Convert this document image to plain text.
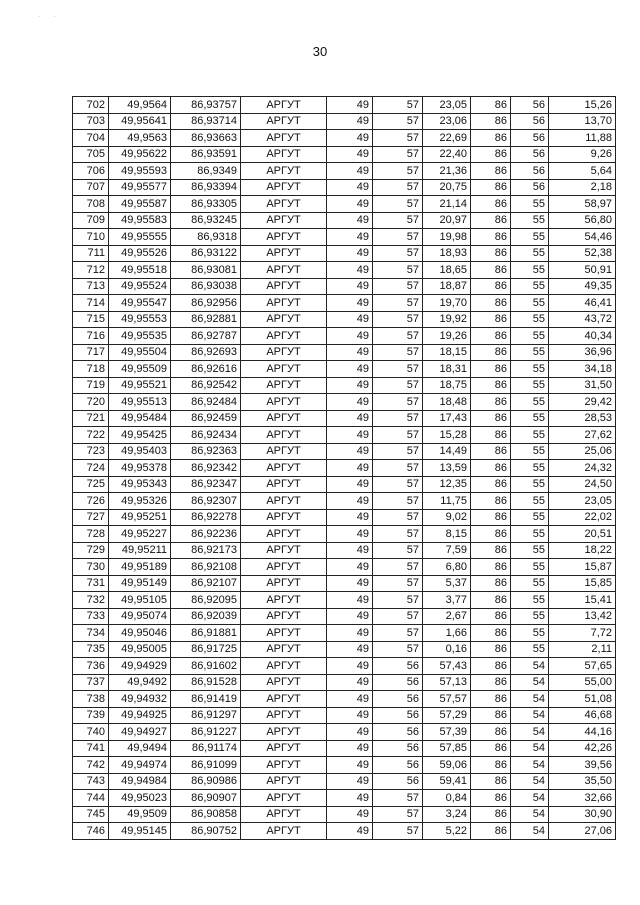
·        ·
30
702	49,9564	86,93757	АРГУТ	49	57	23,05	86	56	15,26
703	49,95641	86,93714	АРГУТ	49	57	23,06	86	56	13,70
704	49,9563	86,93663	АРГУТ	49	57	22,69	86	56	11,88
705	49,95622	86,93591	АРГУТ	49	57	22,40	86	56	9,26
706	49,95593	86,9349	АРГУТ	49	57	21,36	86	56	5,64
707	49,95577	86,93394	АРГУТ	49	57	20,75	86	56	2,18
708	49,95587	86,93305	АРГУТ	49	57	21,14	86	55	58,97
709	49,95583	86,93245	АРГУТ	49	57	20,97	86	55	56,80
710	49,95555	86,9318	АРГУТ	49	57	19,98	86	55	54,46
711	49,95526	86,93122	АРГУТ	49	57	18,93	86	55	52,38
712	49,95518	86,93081	АРГУТ	49	57	18,65	86	55	50,91
713	49,95524	86,93038	АРГУТ	49	57	18,87	86	55	49,35
714	49,95547	86,92956	АРГУТ	49	57	19,70	86	55	46,41
715	49,95553	86,92881	АРГУТ	49	57	19,92	86	55	43,72
716	49,95535	86,92787	АРГУТ	49	57	19,26	86	55	40,34
717	49,95504	86,92693	АРГУТ	49	57	18,15	86	55	36,96
718	49,95509	86,92616	АРГУТ	49	57	18,31	86	55	34,18
719	49,95521	86,92542	АРГУТ	49	57	18,75	86	55	31,50
720	49,95513	86,92484	АРГУТ	49	57	18,48	86	55	29,42
721	49,95484	86,92459	АРГУТ	49	57	17,43	86	55	28,53
722	49,95425	86,92434	АРГУТ	49	57	15,28	86	55	27,62
723	49,95403	86,92363	АРГУТ	49	57	14,49	86	55	25,06
724	49,95378	86,92342	АРГУТ	49	57	13,59	86	55	24,32
725	49,95343	86,92347	АРГУТ	49	57	12,35	86	55	24,50
726	49,95326	86,92307	АРГУТ	49	57	11,75	86	55	23,05
727	49,95251	86,92278	АРГУТ	49	57	9,02	86	55	22,02
728	49,95227	86,92236	АРГУТ	49	57	8,15	86	55	20,51
729	49,95211	86,92173	АРГУТ	49	57	7,59	86	55	18,22
730	49,95189	86,92108	АРГУТ	49	57	6,80	86	55	15,87
731	49,95149	86,92107	АРГУТ	49	57	5,37	86	55	15,85
732	49,95105	86,92095	АРГУТ	49	57	3,77	86	55	15,41
733	49,95074	86,92039	АРГУТ	49	57	2,67	86	55	13,42
734	49,95046	86,91881	АРГУТ	49	57	1,66	86	55	7,72
735	49,95005	86,91725	АРГУТ	49	57	0,16	86	55	2,11
736	49,94929	86,91602	АРГУТ	49	56	57,43	86	54	57,65
737	49,9492	86,91528	АРГУТ	49	56	57,13	86	54	55,00
738	49,94932	86,91419	АРГУТ	49	56	57,57	86	54	51,08
739	49,94925	86,91297	АРГУТ	49	56	57,29	86	54	46,68
740	49,94927	86,91227	АРГУТ	49	56	57,39	86	54	44,16
741	49,9494	86,91174	АРГУТ	49	56	57,85	86	54	42,26
742	49,94974	86,91099	АРГУТ	49	56	59,06	86	54	39,56
743	49,94984	86,90986	АРГУТ	49	56	59,41	86	54	35,50
744	49,95023	86,90907	АРГУТ	49	57	0,84	86	54	32,66
745	49,9509	86,90858	АРГУТ	49	57	3,24	86	54	30,90
746	49,95145	86,90752	АРГУТ	49	57	5,22	86	54	27,06
